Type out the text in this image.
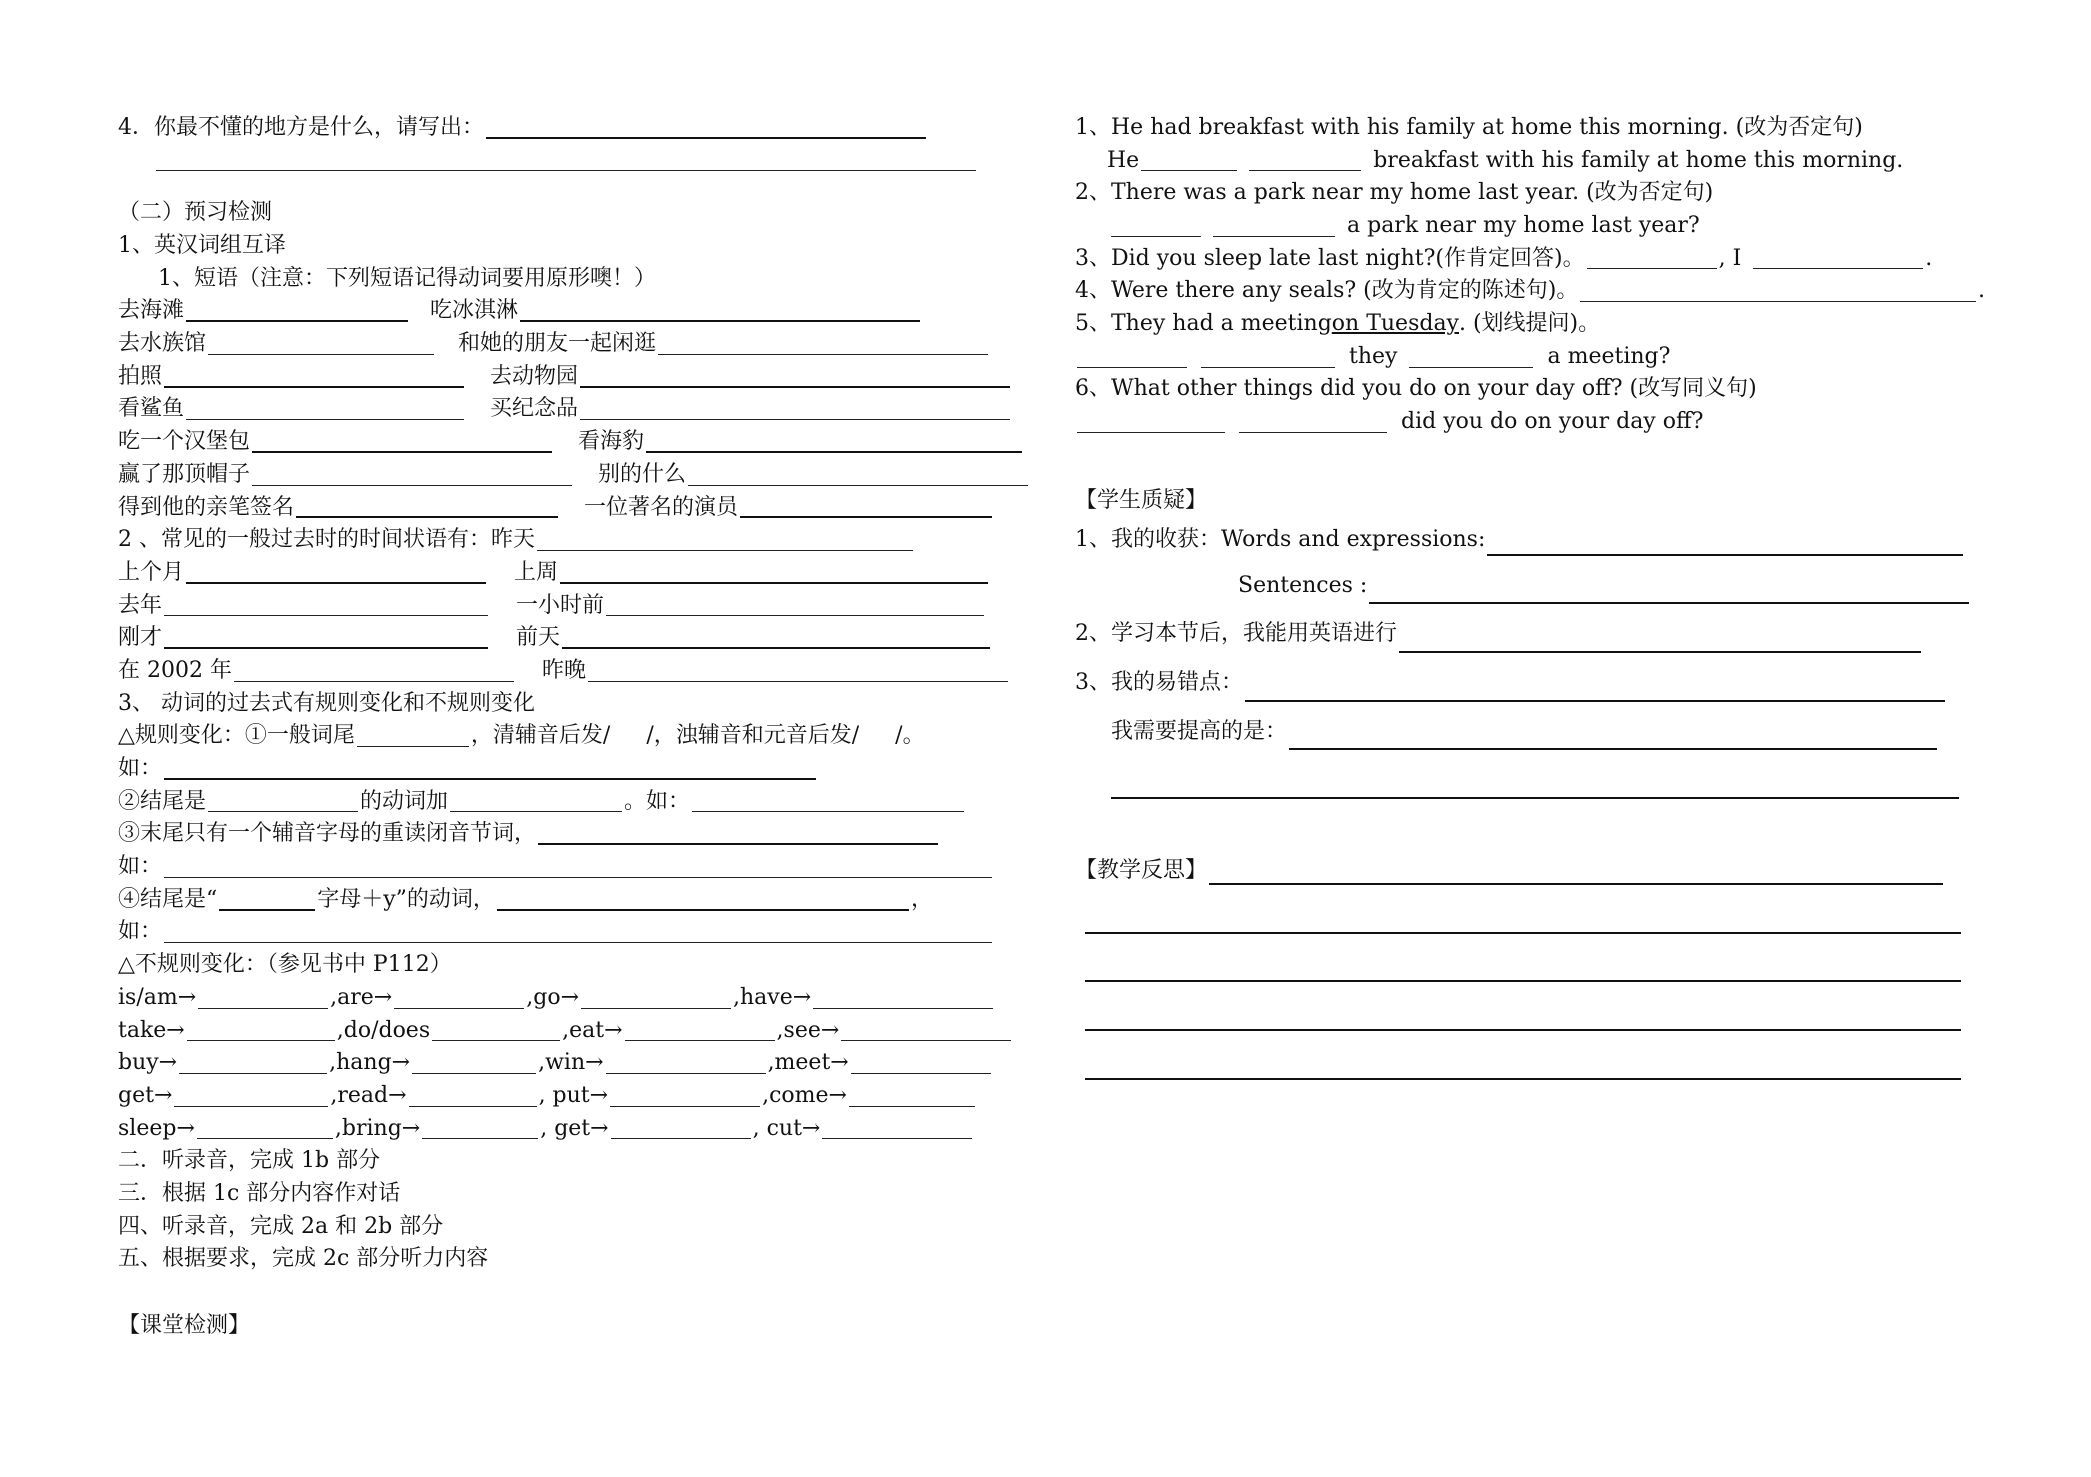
4．你最不懂的地方是什么，请写出：
（二）预习检测
1、英汉词组互译
1、短语（注意：下列短语记得动词要用原形噢！）
去海滩	吃冰淇淋
去水族馆	和她的朋友一起闲逛
拍照	去动物园
看鲨鱼	买纪念品
吃一个汉堡包	看海豹
赢了那顶帽子	别的什么
得到他的亲笔签名	一位著名的演员
2 、常见的一般过去时的时间状语有：昨天
上个月	上周
去年	一小时前
刚才	前天
在 2002 年	昨晚
3、 动词的过去式有规则变化和不规则变化
△规则变化：①一般词尾	，清辅音后发/ /，浊辅音和元音后发/ /。
如：
②结尾是	的动词加	。如：
③末尾只有一个辅音字母的重读闭音节词，
如：
④结尾是“	字母＋y”的动词，	，
如：
△不规则变化：（参见书中 P112）
is/am→	,are→	,go→	,have→
take→	,do/does	,eat→	,see→
buy→	,hang→	,win→	,meet→
get→	,read→	, put→	,come→
sleep→	,bring→	, get→	, cut→
二．听录音，完成 1b 部分
三．根据 1c 部分内容作对话
四、听录音，完成 2a 和 2b 部分
五、根据要求，完成 2c 部分听力内容
【课堂检测】
1、He had breakfast with his family at home this morning. (改为否定句)
He	breakfast with his family at home this morning.
2、There was a park near my home last year. (改为否定句)
a park near my home last year?
3、Did you sleep late last night?(作肯定回答)。	, I	.
4、Were there any seals? (改为肯定的陈述句)。	.
5、They had a meeting on Tuesday . (划线提问)。
they	a meeting?
6、What other things did you do on your day off? (改写同义句)
did you do on your day off?
【学生质疑】
1、我的收获：Words and expressions:
Sentences :
2、学习本节后，我能用英语进行
3、我的易错点：
我需要提高的是：
【教学反思】
